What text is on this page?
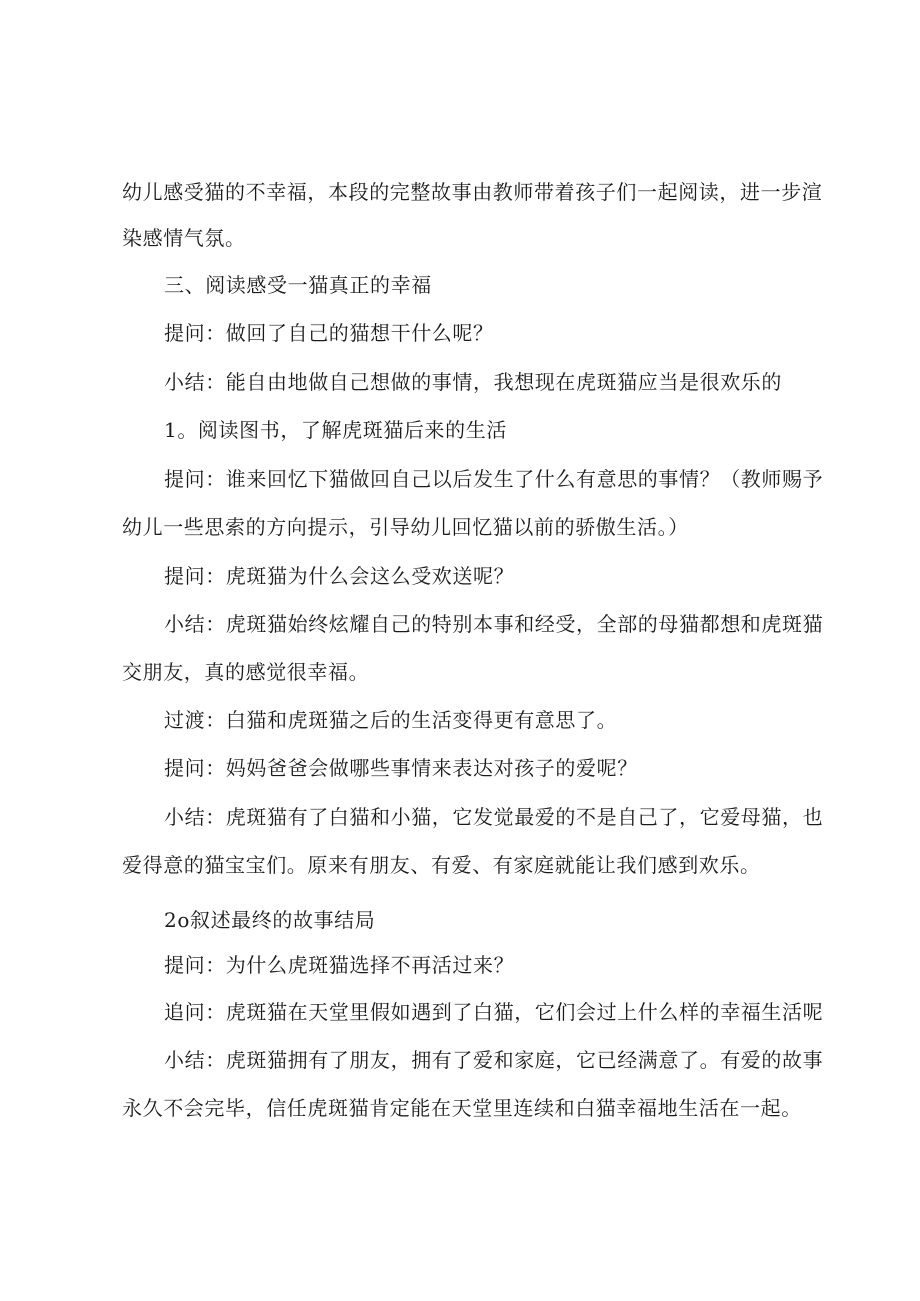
幼儿感受猫的不幸福，本段的完整故事由教师带着孩子们一起阅读，进一步渲
染感情气氛。
三、阅读感受一猫真正的幸福
提问：做回了自己的猫想干什么呢？
小结：能自由地做自己想做的事情，我想现在虎斑猫应当是很欢乐的
1。阅读图书，了解虎斑猫后来的生活
提问：谁来回忆下猫做回自己以后发生了什么有意思的事情？（教师赐予
幼儿一些思索的方向提示，引导幼儿回忆猫以前的骄傲生活。）
提问：虎斑猫为什么会这么受欢送呢？
小结：虎斑猫始终炫耀自己的特别本事和经受，全部的母猫都想和虎斑猫
交朋友，真的感觉很幸福。
过渡：白猫和虎斑猫之后的生活变得更有意思了。
提问：妈妈爸爸会做哪些事情来表达对孩子的爱呢？
小结：虎斑猫有了白猫和小猫，它发觉最爱的不是自己了，它爱母猫，也
爱得意的猫宝宝们。原来有朋友、有爱、有家庭就能让我们感到欢乐。
2o叙述最终的故事结局
提问：为什么虎斑猫选择不再活过来？
追问：虎斑猫在天堂里假如遇到了白猫，它们会过上什么样的幸福生活呢
小结：虎斑猫拥有了朋友，拥有了爱和家庭，它已经满意了。有爱的故事
永久不会完毕，信任虎斑猫肯定能在天堂里连续和白猫幸福地生活在一起。
